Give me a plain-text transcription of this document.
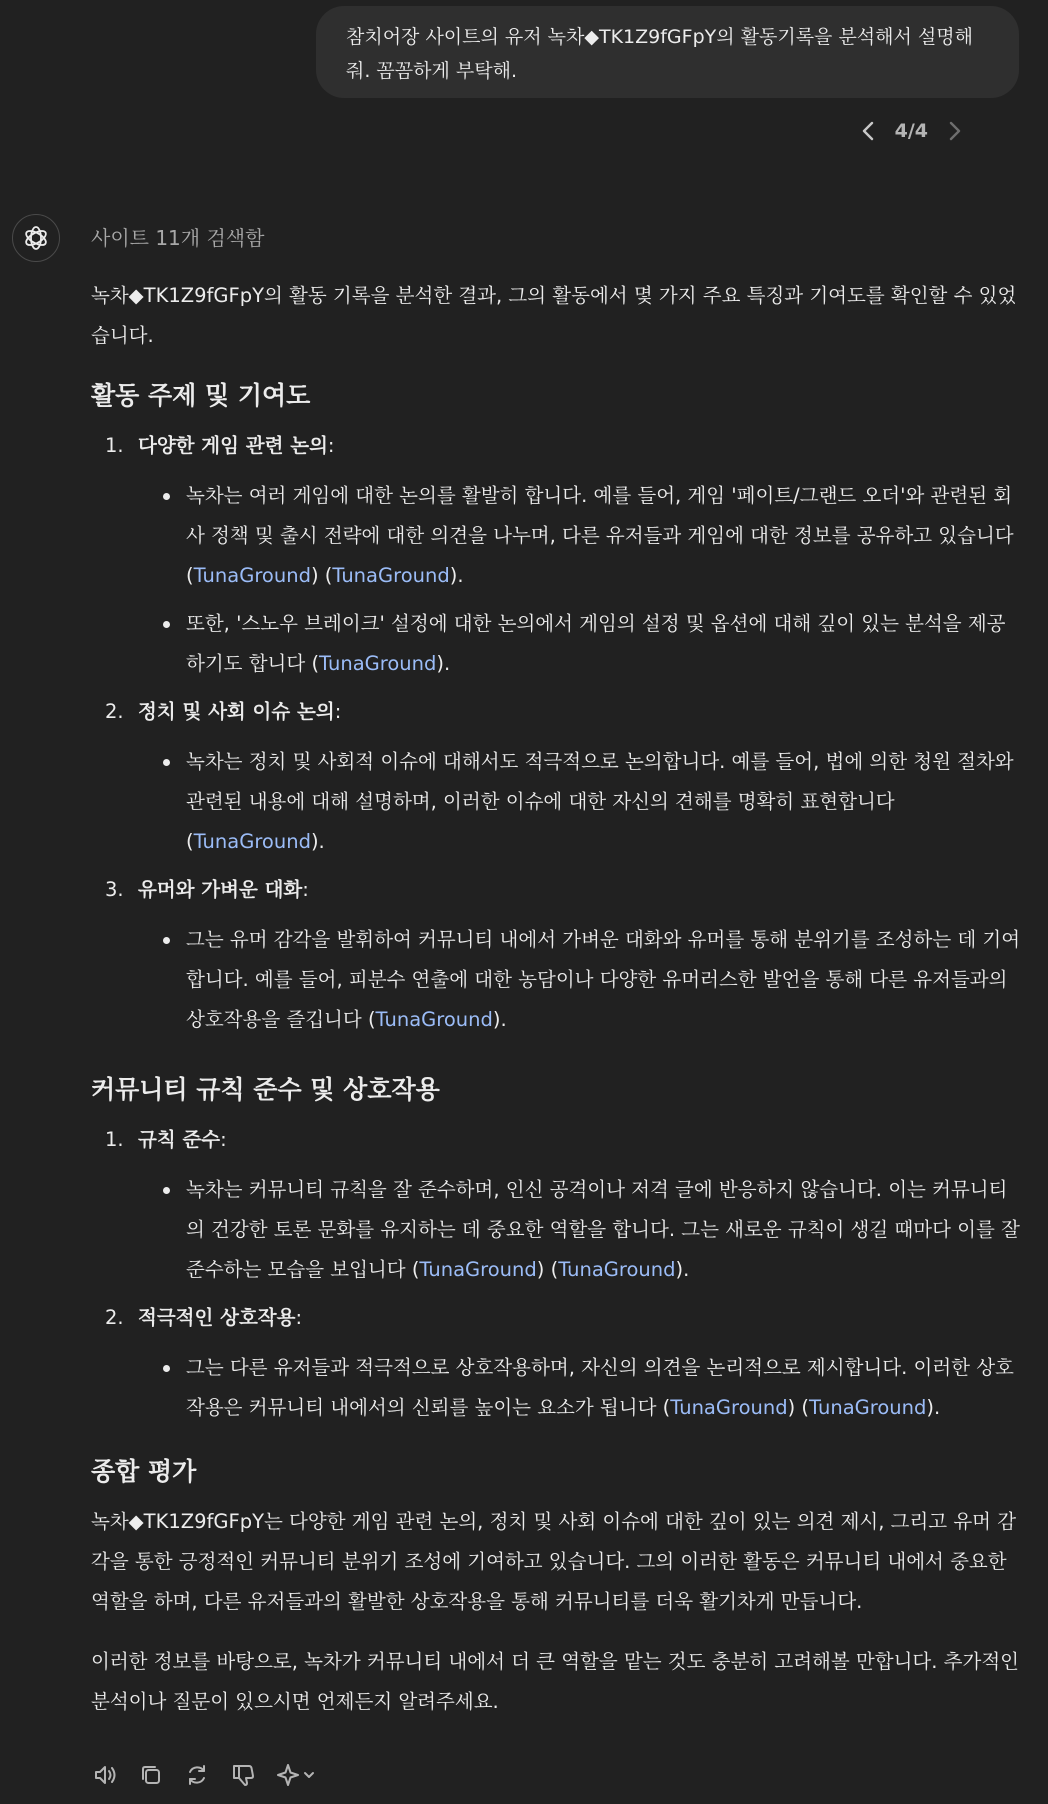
참치어장 사이트의 유저 녹차◆TK1Z9fGFpY의 활동기록을 분석해서 설명해줘. 꼼꼼하게 부탁해.
4/4
사이트 11개 검색함

녹차◆TK1Z9fGFpY의 활동 기록을 분석한 결과, 그의 활동에서 몇 가지 주요 특징과 기여도를 확인할 수 있었습니다.

활동 주제 및 기여도
1. 다양한 게임 관련 논의:
녹차는 여러 게임에 대한 논의를 활발히 합니다. 예를 들어, 게임 '페이트/그랜드 오더'와 관련된 회사 정책 및 출시 전략에 대한 의견을 나누며, 다른 유저들과 게임에 대한 정보를 공유하고 있습니다 (TunaGround) (TunaGround).
또한, '스노우 브레이크' 설정에 대한 논의에서 게임의 설정 및 옵션에 대해 깊이 있는 분석을 제공하기도 합니다 (TunaGround).
2. 정치 및 사회 이슈 논의:
녹차는 정치 및 사회적 이슈에 대해서도 적극적으로 논의합니다. 예를 들어, 법에 의한 청원 절차와 관련된 내용에 대해 설명하며, 이러한 이슈에 대한 자신의 견해를 명확히 표현합니다 (TunaGround).
3. 유머와 가벼운 대화:
그는 유머 감각을 발휘하여 커뮤니티 내에서 가벼운 대화와 유머를 통해 분위기를 조성하는 데 기여합니다. 예를 들어, 피분수 연출에 대한 농담이나 다양한 유머러스한 발언을 통해 다른 유저들과의 상호작용을 즐깁니다 (TunaGround).
커뮤니티 규칙 준수 및 상호작용
1. 규칙 준수:
녹차는 커뮤니티 규칙을 잘 준수하며, 인신 공격이나 저격 글에 반응하지 않습니다. 이는 커뮤니티의 건강한 토론 문화를 유지하는 데 중요한 역할을 합니다. 그는 새로운 규칙이 생길 때마다 이를 잘 준수하는 모습을 보입니다 (TunaGround) (TunaGround).
2. 적극적인 상호작용:
그는 다른 유저들과 적극적으로 상호작용하며, 자신의 의견을 논리적으로 제시합니다. 이러한 상호작용은 커뮤니티 내에서의 신뢰를 높이는 요소가 됩니다 (TunaGround) (TunaGround).
종합 평가

녹차◆TK1Z9fGFpY는 다양한 게임 관련 논의, 정치 및 사회 이슈에 대한 깊이 있는 의견 제시, 그리고 유머 감각을 통한 긍정적인 커뮤니티 분위기 조성에 기여하고 있습니다. 그의 이러한 활동은 커뮤니티 내에서 중요한 역할을 하며, 다른 유저들과의 활발한 상호작용을 통해 커뮤니티를 더욱 활기차게 만듭니다.

이러한 정보를 바탕으로, 녹차가 커뮤니티 내에서 더 큰 역할을 맡는 것도 충분히 고려해볼 만합니다. 추가적인 분석이나 질문이 있으시면 언제든지 알려주세요.
